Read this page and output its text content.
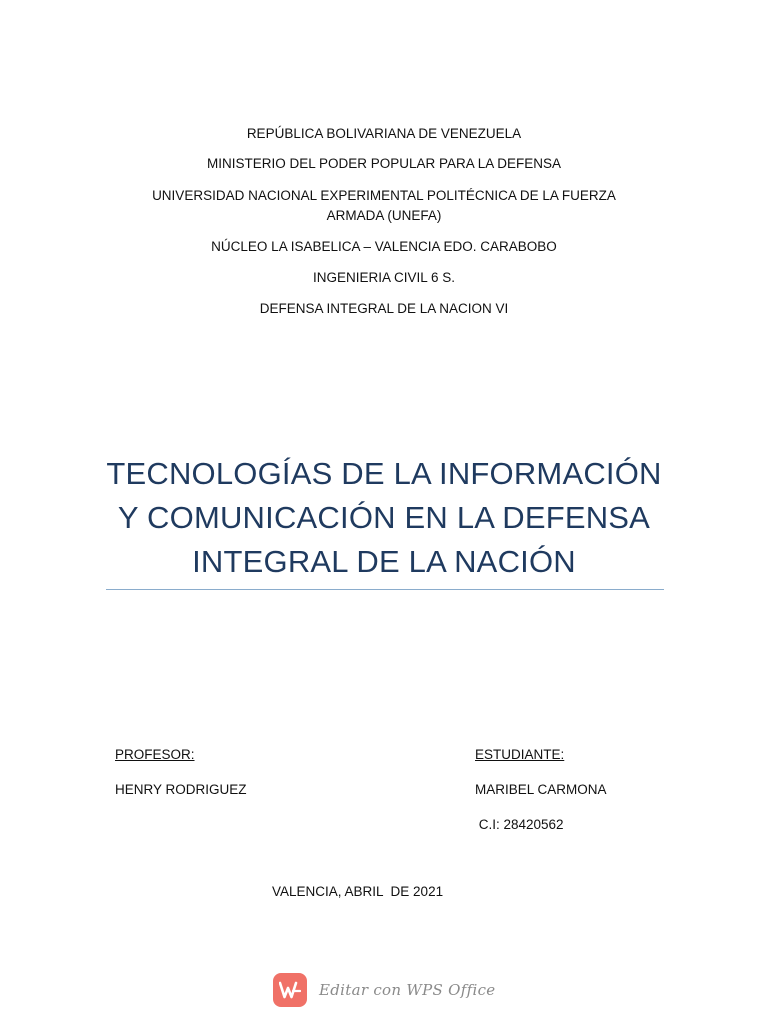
REPÚBLICA BOLIVARIANA DE VENEZUELA

MINISTERIO DEL PODER POPULAR PARA LA DEFENSA

UNIVERSIDAD NACIONAL EXPERIMENTAL POLITÉCNICA DE LA FUERZA

ARMADA (UNEFA)

NÚCLEO LA ISABELICA – VALENCIA EDO. CARABOBO

INGENIERIA CIVIL 6 S.

DEFENSA INTEGRAL DE LA NACION VI

TECNOLOGÍAS DE LA INFORMACIÓN
Y COMUNICACIÓN EN LA DEFENSA
INTEGRAL DE LA NACIÓN

PROFESOR:

HENRY RODRIGUEZ

ESTUDIANTE:

MARIBEL CARMONA

C.I: 28420562

VALENCIA, ABRIL  DE 2021

Editar con WPS Office
